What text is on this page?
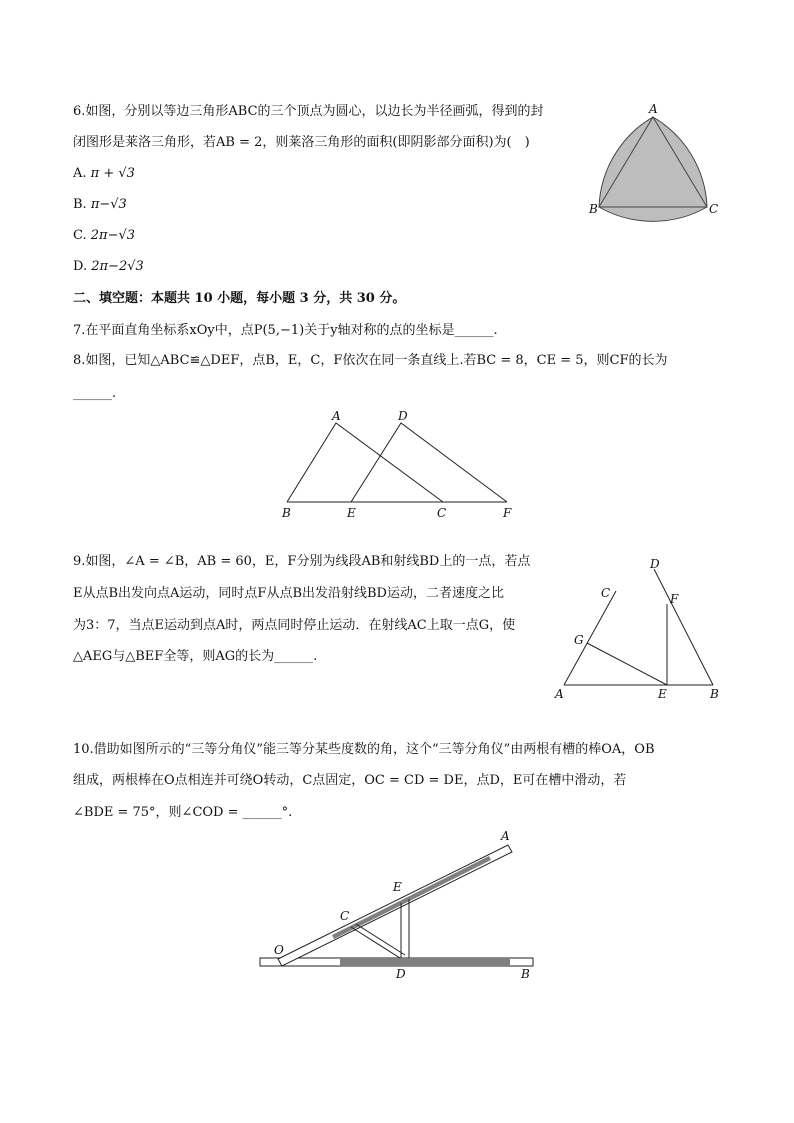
6.如图，分别以等边三角形ABC的三个顶点为圆心，以边长为半径画弧，得到的封
闭图形是莱洛三角形，若AB = 2，则莱洛三角形的面积(即阴影部分面积)为(　)
A. π + √3
B. π−√3
C. 2π−√3
D. 2π−2√3
A
B	C
二、填空题：本题共 10 小题，每小题 3 分，共 30 分。
7.在平面直角坐标系xOy中，点P(5,−1)关于y轴对称的点的坐标是______.
8.如图，已知△ABC≌△DEF，点B，E，C，F依次在同一条直线上.若BC = 8，CE = 5，则CF的长为
______.
A	D
B	E	C	F
9.如图，∠A = ∠B，AB = 60，E，F分别为线段AB和射线BD上的一点，若点
E从点B出发向点A运动，同时点F从点B出发沿射线BD运动，二者速度之比
为3：7，当点E运动到点A时，两点同时停止运动．在射线AC上取一点G，使
△AEG与△BEF全等，则AG的长为______.
C
D
F
G
A	E	B
10.借助如图所示的“三等分角仪”能三等分某些度数的角，这个“三等分角仪”由两根有槽的棒OA，OB
组成，两根棒在O点相连并可绕O转动，C点固定，OC = CD = DE，点D，E可在槽中滑动，若
∠BDE = 75°，则∠COD = ______°.
A
E
C
O
D	B
